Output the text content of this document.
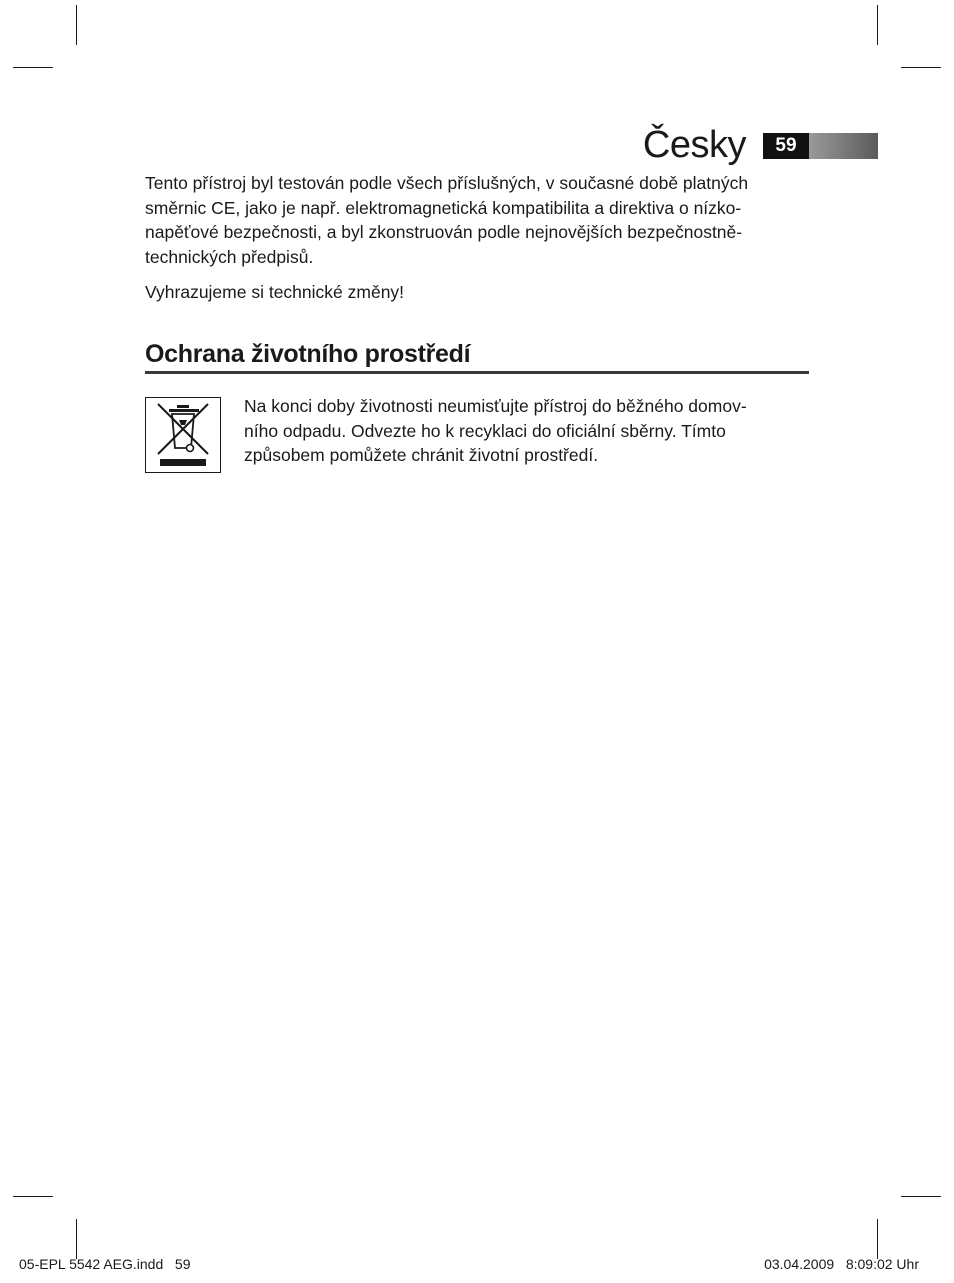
Česky	59

Tento přístroj byl testován podle všech příslušných, v současné době platných
směrnic CE, jako je např. elektromagnetická kompatibilita a direktiva o nízko-
napěťové bezpečnosti, a byl zkonstruován podle nejnovějších bezpečnostně-
technických předpisů.

Vyhrazujeme si technické změny!

Ochrana životního prostředí

Na konci doby životnosti neumisťujte přístroj do běžného domov-
ního odpadu. Odvezte ho k recyklaci do oficiální sběrny. Tímto
způsobem pomůžete chránit životní prostředí.

05-EPL 5542 AEG.indd   59	03.04.2009   8:09:02 Uhr
